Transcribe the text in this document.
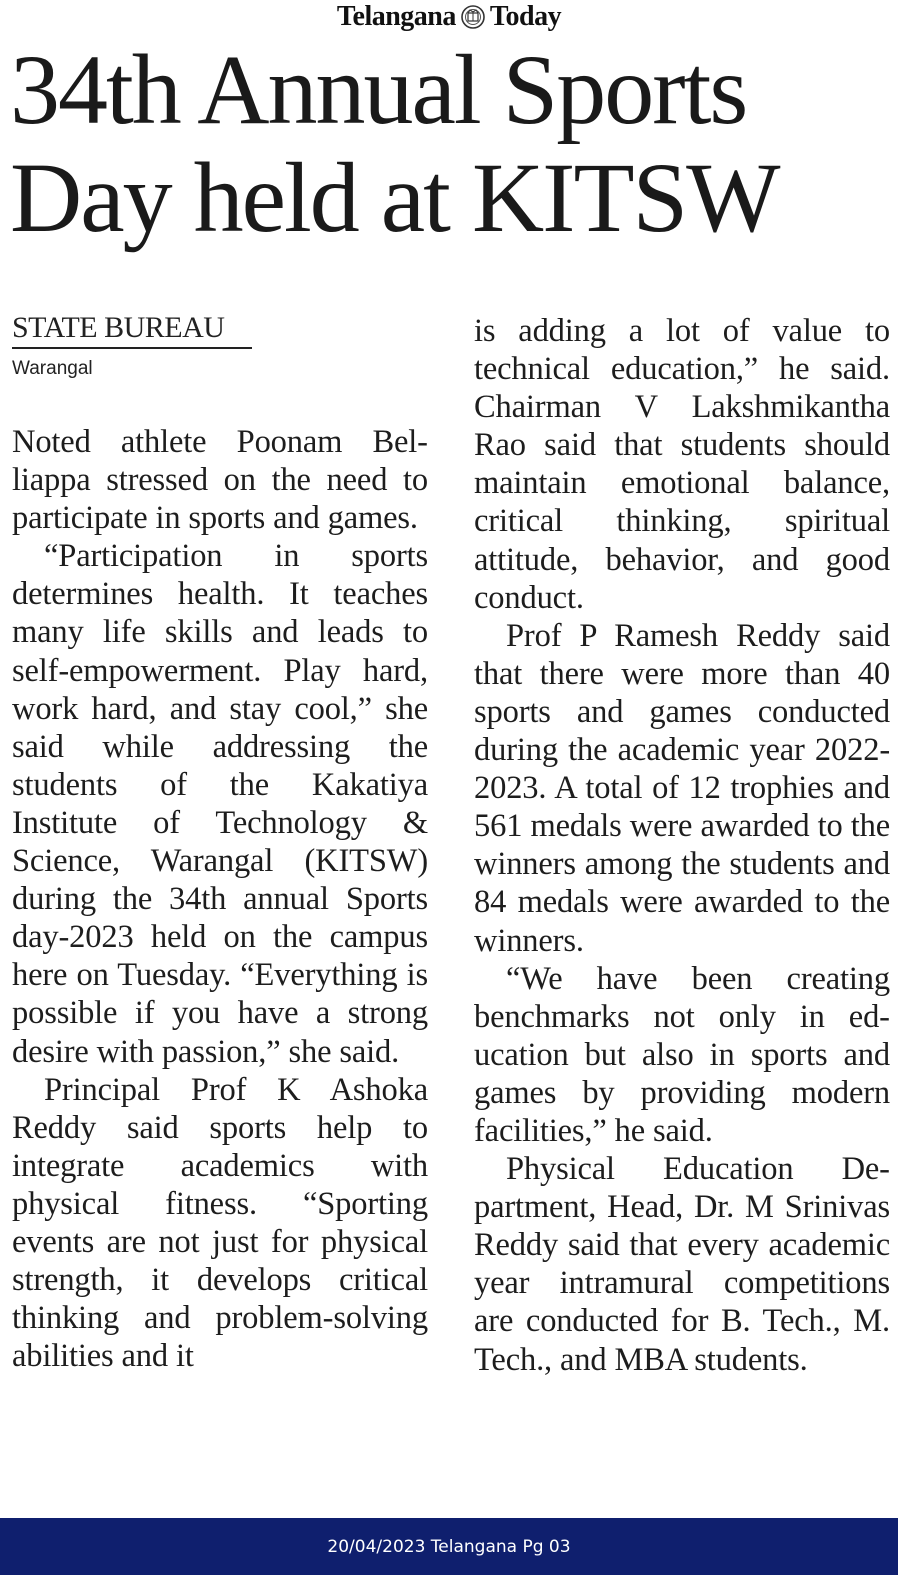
Telangana Today
34th Annual Sports
Day held at KITSW
STATE BUREAU
Warangal

Noted athlete Poonam Belliappa stressed on the need to participate in sports and games.

“Participation in sports determines health. It teaches many life skills and leads to self-empowerment. Play hard, work hard, and stay cool,” she said while addressing the students of the Kakatiya Institute of Technology & Science, Warangal (KITSW) during the 34th annual Sports day-2023 held on the campus here on Tuesday. “Everything is possible if you have a strong desire with passion,” she said.

Principal Prof K Ashoka Reddy said sports help to integrate academics with physical fitness. “Sporting events are not just for physical strength, it develops critical thinking and problem-solving abilities and it

is adding a lot of value to technical education,” he said. Chairman V Lakshmikantha Rao said that students should maintain emotional balance, critical thinking, spiritual attitude, behavior, and good conduct.

Prof P Ramesh Reddy said that there were more than 40 sports and games conducted during the academic year 2022-2023. A total of 12 trophies and 561 medals were awarded to the winners among the students and 84 medals were awarded to the winners.

“We have been creating benchmarks not only in education but also in sports and games by providing modern facilities,” he said.

Physical Education Department, Head, Dr. M Srinivas Reddy said that every academic year intramural competitions are conducted for B. Tech., M. Tech., and MBA students.

20/04/2023 Telangana Pg 03
